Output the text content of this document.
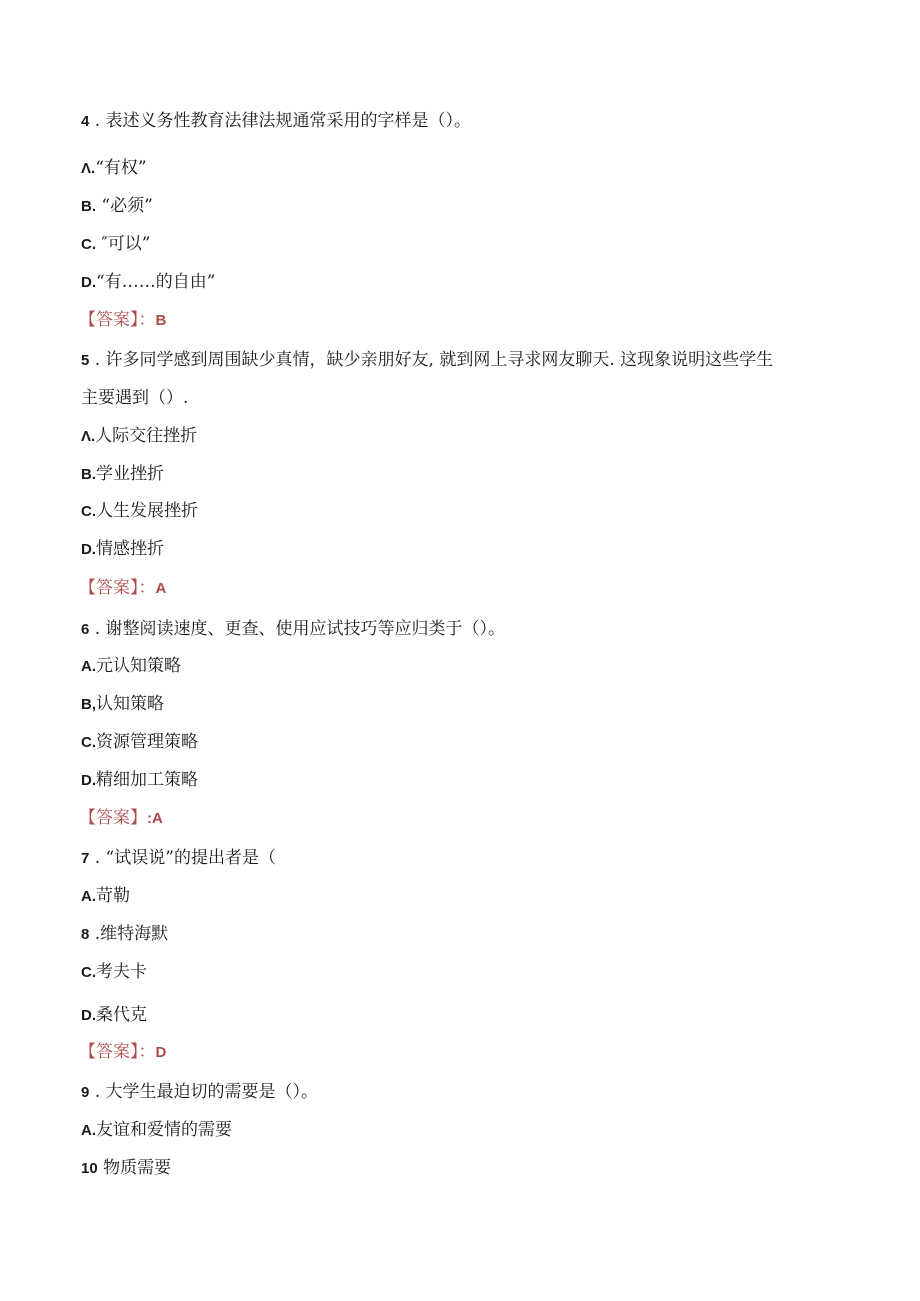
4 . 表述义务性教育法律法规通常采用的字样是（）。
Λ.“有权”
B. “必须”
C. ″可以”
D.“有……的自由”
【答案】：B
5 . 许多同学感到周围缺少真情，缺少亲朋好友, 就到网上寻求网友聊天. 这现象说明这些学生
主要遇到（）.
Λ.人际交往挫折
B.学业挫折
C.人生发展挫折
D.情感挫折
【答案】：A
6 . 谢整阅读速度、更查、使用应试技巧等应归类于（）。
A.元认知策略
B,认知策略
C.资源管理策略
D.精细加工策略
【答案】:A
7 . “试误说”的提出者是（
A.苛勒
8 .维特海默
C.考夫卡
D.桑代克
【答案】：D
9 . 大学生最迫切的需要是（）。
A.友谊和爱情的需要
10 物质需要
